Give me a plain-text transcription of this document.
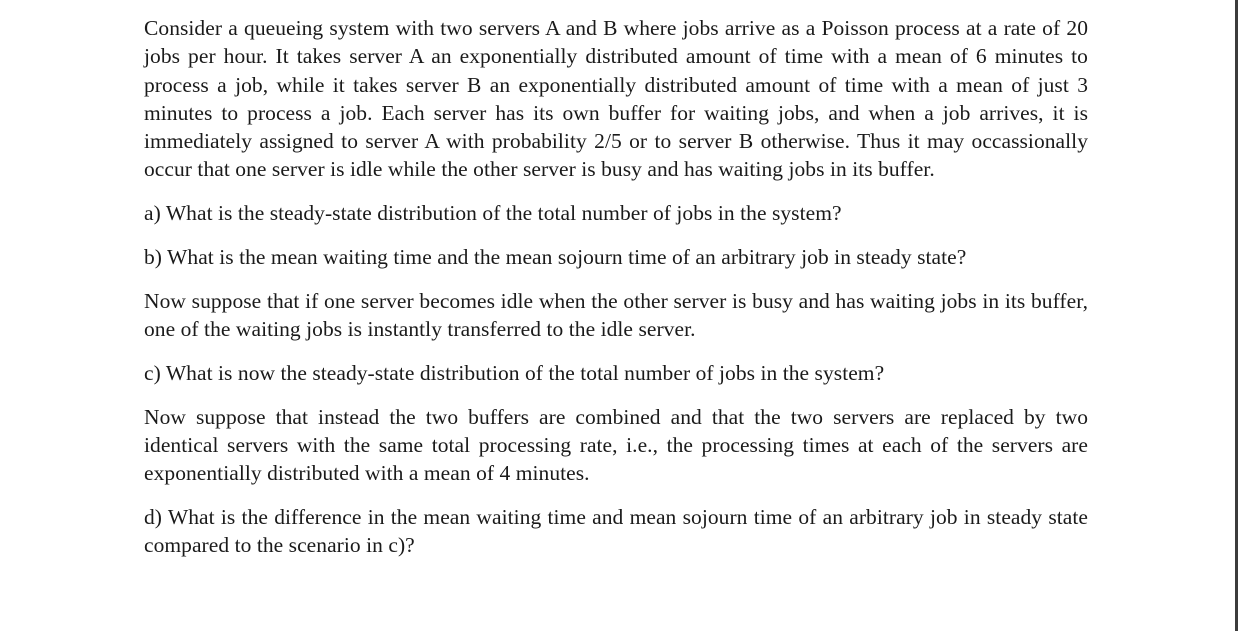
Consider a queueing system with two servers A and B where jobs arrive as a Poisson process at a rate of 20 jobs per hour. It takes server A an exponentially distributed amount of time with a mean of 6 minutes to process a job, while it takes server B an exponentially distributed amount of time with a mean of just 3 minutes to process a job. Each server has its own buffer for waiting jobs, and when a job arrives, it is immediately assigned to server A with probability 2/5 or to server B otherwise. Thus it may occassionally occur that one server is idle while the other server is busy and has waiting jobs in its buffer.

a) What is the steady-state distribution of the total number of jobs in the system?

b) What is the mean waiting time and the mean sojourn time of an arbitrary job in steady state?

Now suppose that if one server becomes idle when the other server is busy and has waiting jobs in its buffer, one of the waiting jobs is instantly transferred to the idle server.

c) What is now the steady-state distribution of the total number of jobs in the system?

Now suppose that instead the two buffers are combined and that the two servers are replaced by two identical servers with the same total processing rate, i.e., the processing times at each of the servers are exponentially distributed with a mean of 4 minutes.

d) What is the difference in the mean waiting time and mean sojourn time of an arbitrary job in steady state compared to the scenario in c)?
